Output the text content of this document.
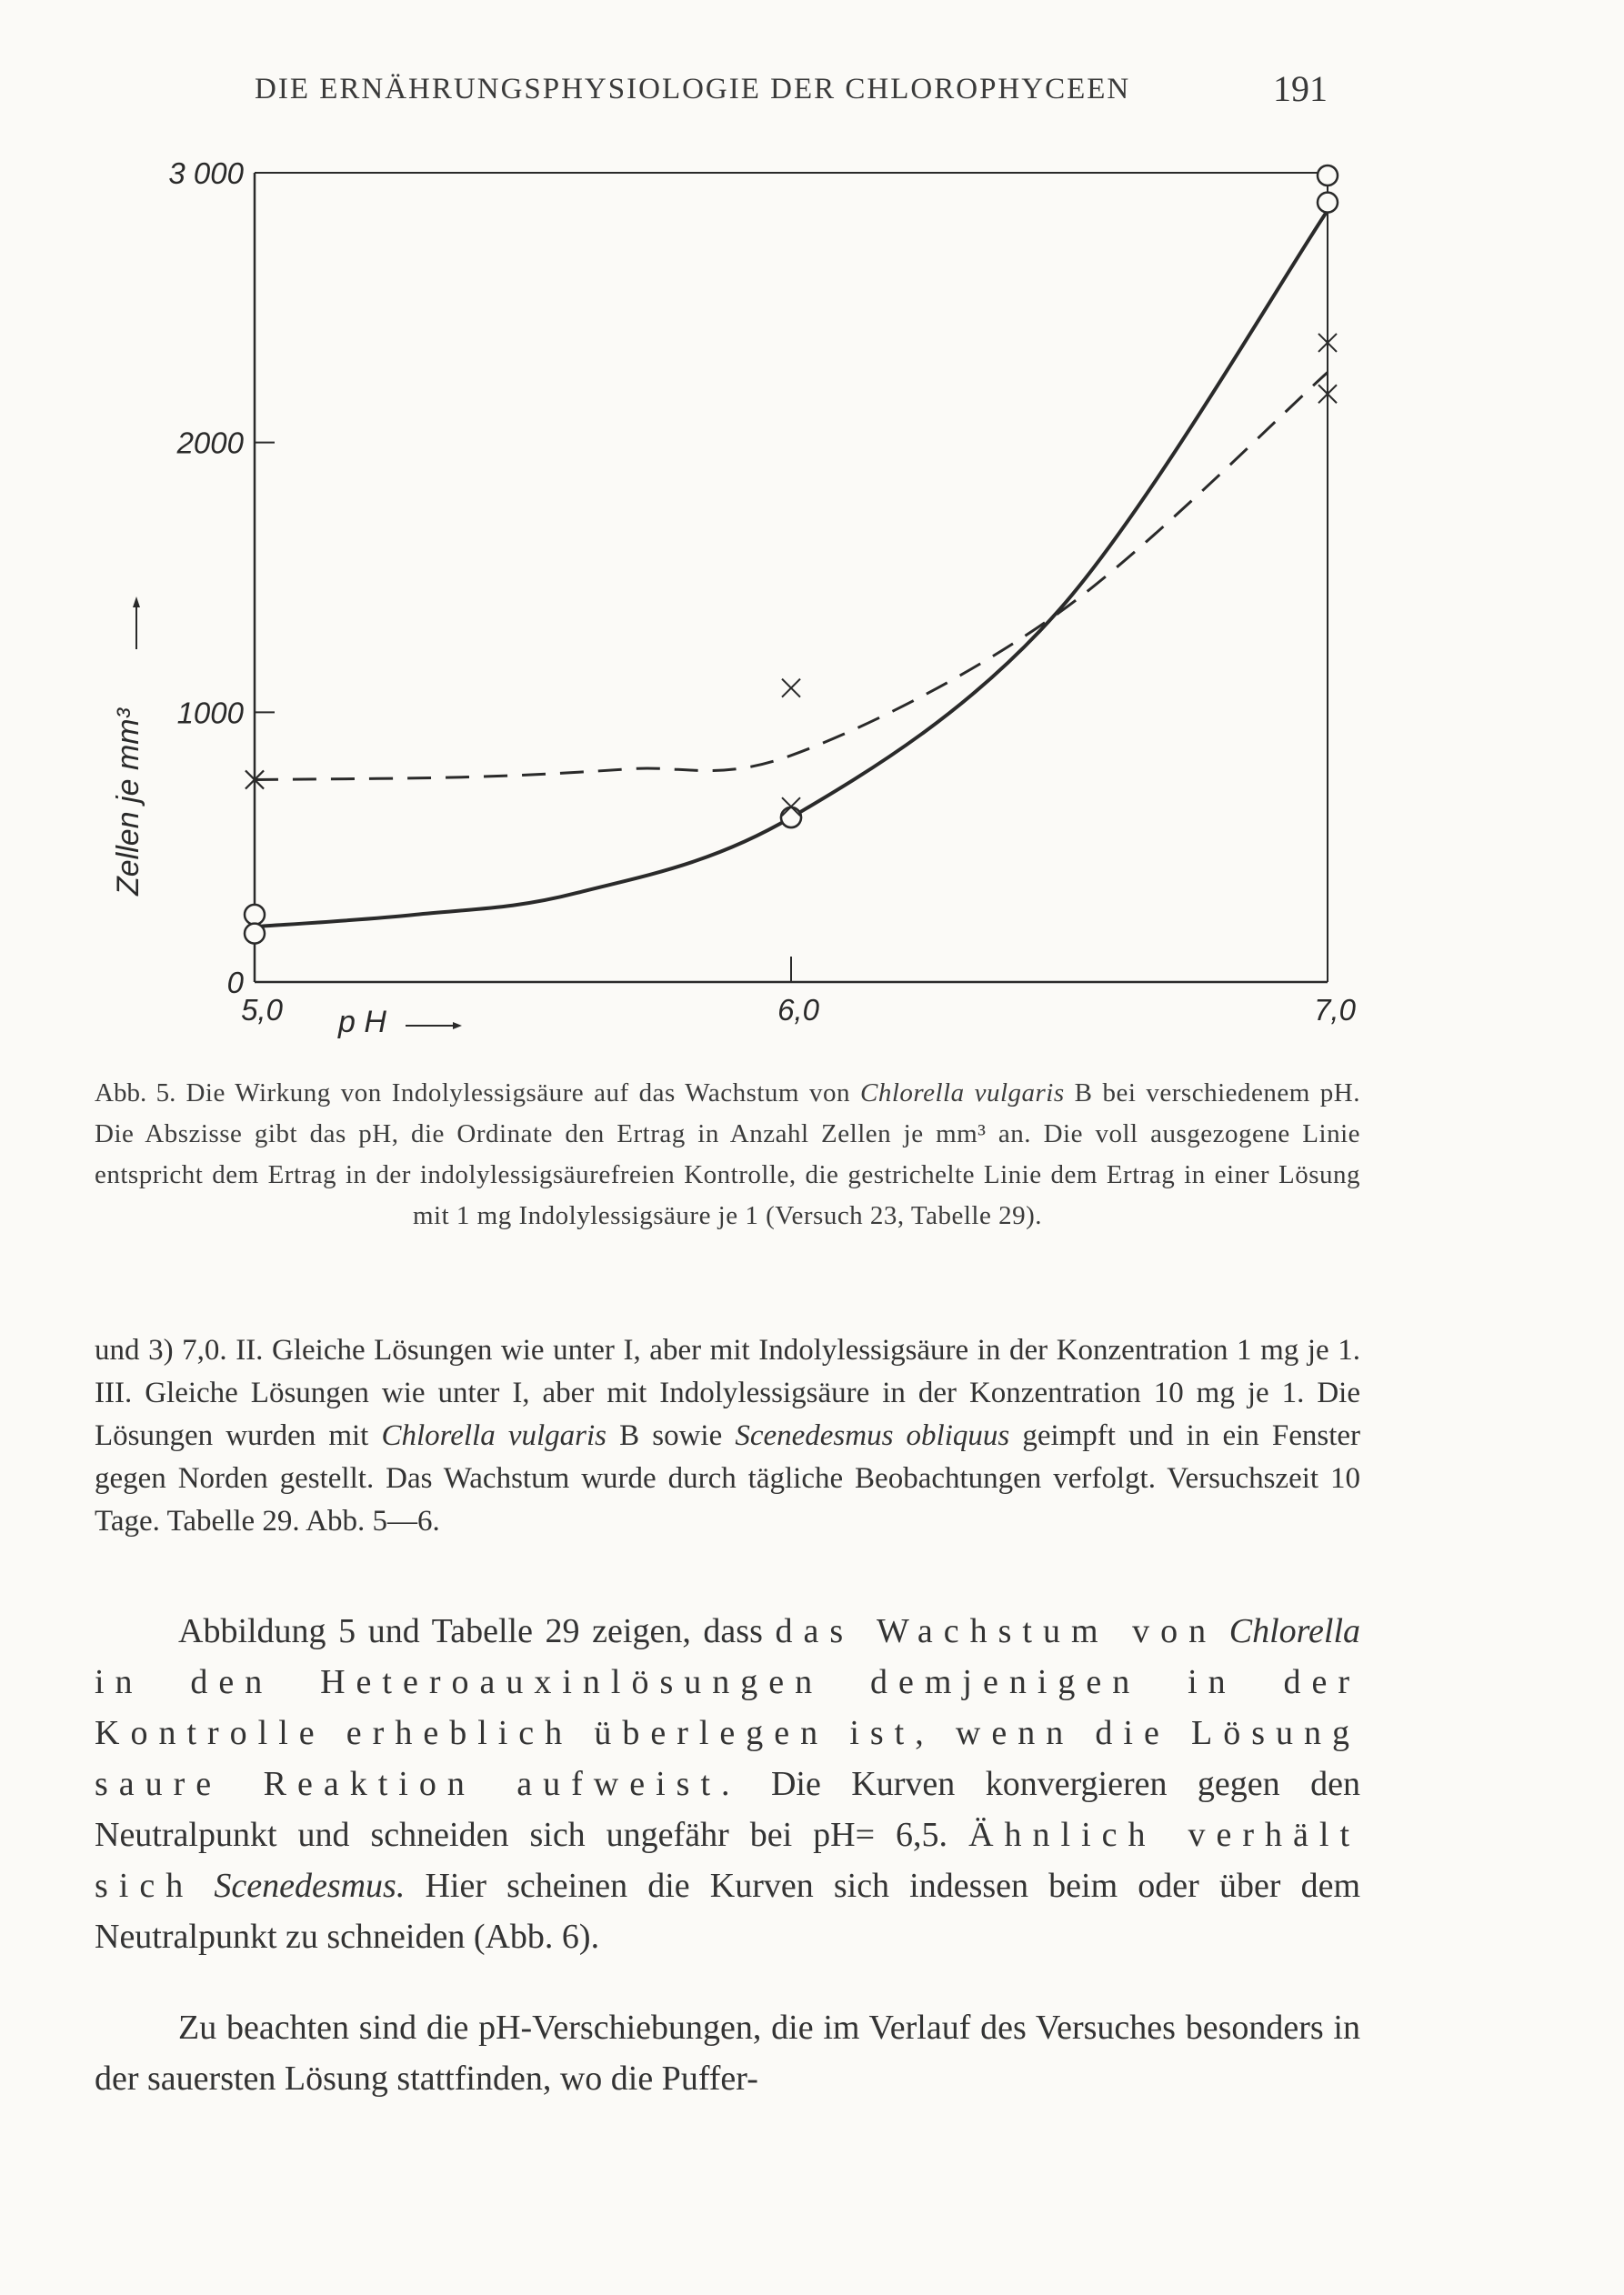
DIE ERNÄHRUNGSPHYSIOLOGIE DER CHLOROPHYCEEN	191
0
1000
2000
3 000
5,0	6,0	7,0
p H
Zellen je mm³
Abb. 5. Die Wirkung von Indolylessigsäure auf das Wachstum von Chlorella vulgaris B bei verschiedenem pH. Die Abszisse gibt das pH, die Ordinate den Ertrag in Anzahl Zellen je mm³ an. Die voll ausgezogene Linie entspricht dem Ertrag in der indolylessigsäurefreien Kontrolle, die gestrichelte Linie dem Ertrag in einer Lösung mit 1 mg Indolylessigsäure je 1 (Versuch 23, Tabelle 29).
und 3) 7,0. II. Gleiche Lösungen wie unter I, aber mit Indolylessigsäure in der Konzentration 1 mg je 1. III. Gleiche Lösungen wie unter I, aber mit Indolylessigsäure in der Konzentration 10 mg je 1. Die Lösungen wurden mit Chlorella vulgaris B sowie Scenedesmus obliquus geimpft und in ein Fenster gegen Norden gestellt. Das Wachstum wurde durch tägliche Beobachtungen verfolgt. Versuchszeit 10 Tage. Tabelle 29. Abb. 5—6.
Abbildung 5 und Tabelle 29 zeigen, dass das Wachstum von Chlorella in den Heteroauxinlösungen demjenigen in der Kontrolle erheblich überlegen ist, wenn die Lösung saure Reaktion aufweist. Die Kurven konvergieren gegen den Neutralpunkt und schneiden sich ungefähr bei pH= 6,5. Ähnlich verhält sich Scenedesmus. Hier scheinen die Kurven sich indessen beim oder über dem Neutralpunkt zu schneiden (Abb. 6).
Zu beachten sind die pH-Verschiebungen, die im Verlauf des Versuches besonders in der sauersten Lösung stattfinden, wo die Puffer-
